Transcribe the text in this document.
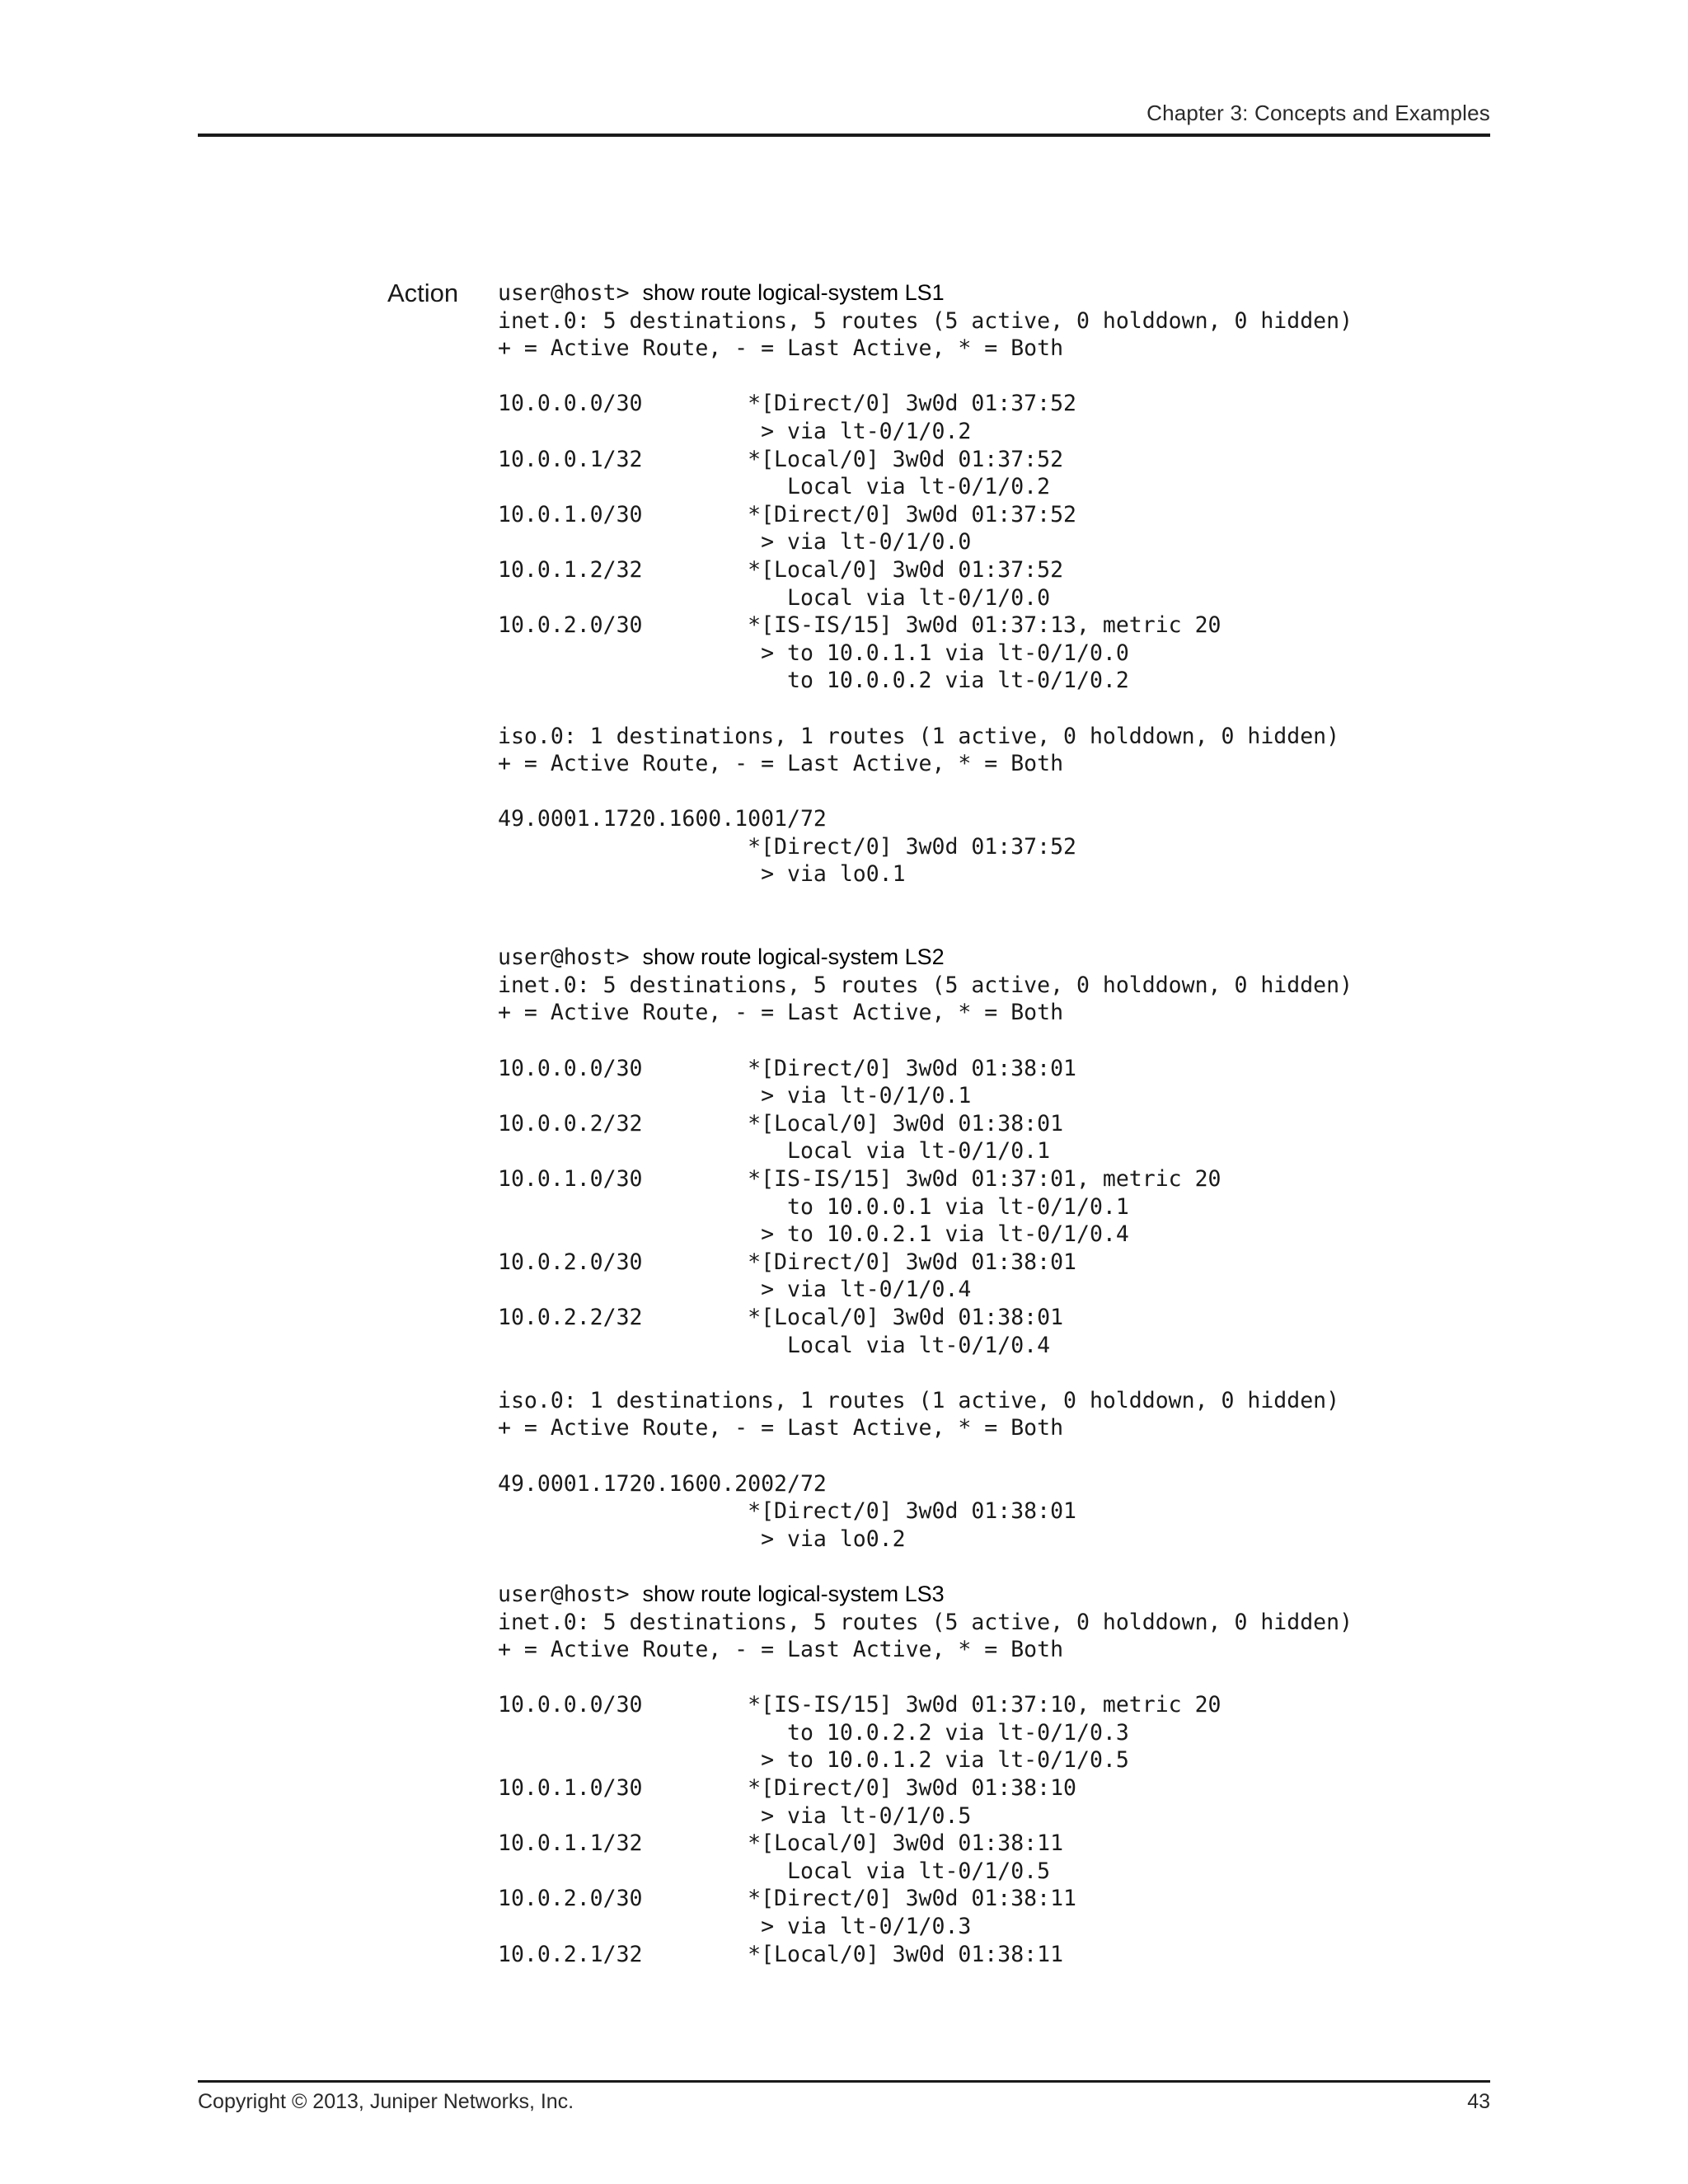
Chapter 3: Concepts and Examples
Action user@host> show route logical-system LS1
inet.0: 5 destinations, 5 routes (5 active, 0 holddown, 0 hidden)
+ = Active Route, - = Last Active, * = Both
10.0.0.0/30        *[Direct/0] 3w0d 01:37:52
> via lt-0/1/0.2
10.0.0.1/32        *[Local/0] 3w0d 01:37:52
Local via lt-0/1/0.2
10.0.1.0/30        *[Direct/0] 3w0d 01:37:52
> via lt-0/1/0.0
10.0.1.2/32        *[Local/0] 3w0d 01:37:52
Local via lt-0/1/0.0
10.0.2.0/30        *[IS-IS/15] 3w0d 01:37:13, metric 20
> to 10.0.1.1 via lt-0/1/0.0
to 10.0.0.2 via lt-0/1/0.2
iso.0: 1 destinations, 1 routes (1 active, 0 holddown, 0 hidden)
+ = Active Route, - = Last Active, * = Both
49.0001.1720.1600.1001/72
*[Direct/0] 3w0d 01:37:52
> via lo0.1
user@host> show route logical-system LS2
inet.0: 5 destinations, 5 routes (5 active, 0 holddown, 0 hidden)
+ = Active Route, - = Last Active, * = Both
10.0.0.0/30        *[Direct/0] 3w0d 01:38:01
> via lt-0/1/0.1
10.0.0.2/32        *[Local/0] 3w0d 01:38:01
Local via lt-0/1/0.1
10.0.1.0/30        *[IS-IS/15] 3w0d 01:37:01, metric 20
to 10.0.0.1 via lt-0/1/0.1
> to 10.0.2.1 via lt-0/1/0.4
10.0.2.0/30        *[Direct/0] 3w0d 01:38:01
> via lt-0/1/0.4
10.0.2.2/32        *[Local/0] 3w0d 01:38:01
Local via lt-0/1/0.4
iso.0: 1 destinations, 1 routes (1 active, 0 holddown, 0 hidden)
+ = Active Route, - = Last Active, * = Both
49.0001.1720.1600.2002/72
*[Direct/0] 3w0d 01:38:01
> via lo0.2
user@host> show route logical-system LS3
inet.0: 5 destinations, 5 routes (5 active, 0 holddown, 0 hidden)
+ = Active Route, - = Last Active, * = Both
10.0.0.0/30        *[IS-IS/15] 3w0d 01:37:10, metric 20
to 10.0.2.2 via lt-0/1/0.3
> to 10.0.1.2 via lt-0/1/0.5
10.0.1.0/30        *[Direct/0] 3w0d 01:38:10
> via lt-0/1/0.5
10.0.1.1/32        *[Local/0] 3w0d 01:38:11
Local via lt-0/1/0.5
10.0.2.0/30        *[Direct/0] 3w0d 01:38:11
> via lt-0/1/0.3
10.0.2.1/32        *[Local/0] 3w0d 01:38:11
Copyright © 2013, Juniper Networks, Inc.	43
